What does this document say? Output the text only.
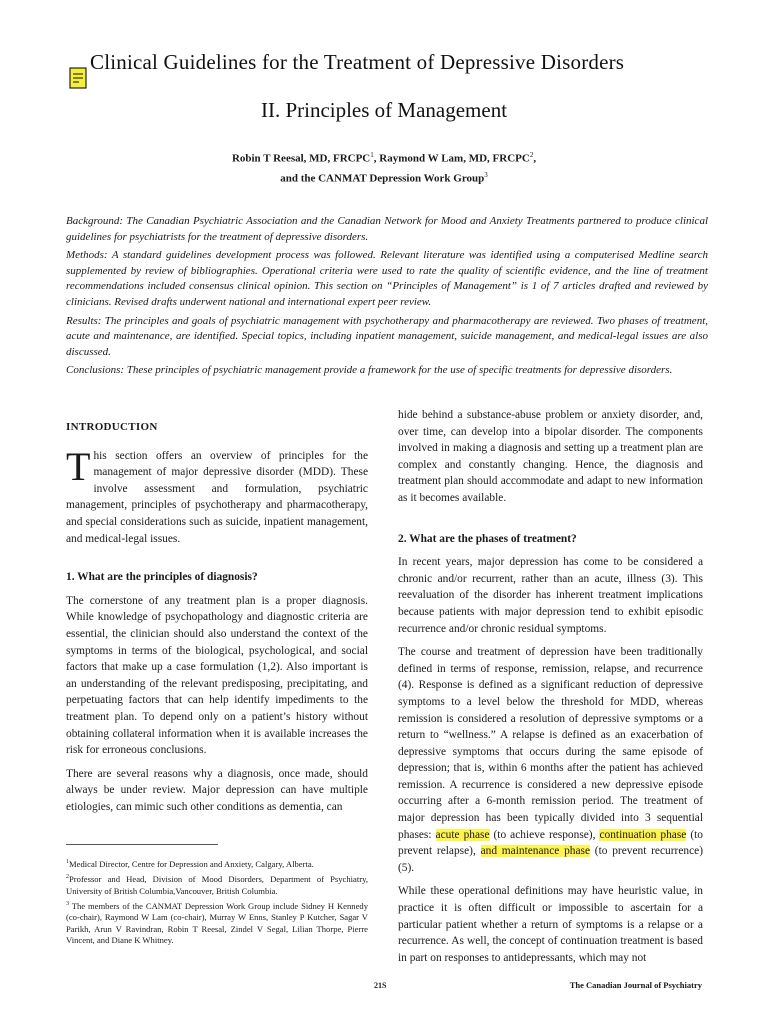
Clinical Guidelines for the Treatment of Depressive Disorders
II. Principles of Management
Robin T Reesal, MD, FRCPC$^1$, Raymond W Lam, MD, FRCPC$^2$,
and the CANMAT Depression Work Group$^3$

Background: The Canadian Psychiatric Association and the Canadian Network for Mood and Anxiety Treatments partnered to produce clinical guidelines for psychiatrists for the treatment of depressive disorders.

Methods: A standard guidelines development process was followed. Relevant literature was identified using a computerised Medline search supplemented by review of bibliographies. Operational criteria were used to rate the quality of scientific evidence, and the line of treatment recommendations included consensus clinical opinion. This section on “Principles of Management” is 1 of 7 articles drafted and reviewed by clinicians. Revised drafts underwent national and international expert peer review.

Results: The principles and goals of psychiatric management with psychotherapy and pharmacotherapy are reviewed. Two phases of treatment, acute and maintenance, are identified. Special topics, including inpatient management, suicide management, and medical-legal issues are also discussed.

Conclusions: These principles of psychiatric management provide a framework for the use of specific treatments for depressive disorders.

INTRODUCTION

This section offers an overview of principles for the management of major depressive disorder (MDD). These involve assessment and formulation, psychiatric management, principles of psychotherapy and pharmacotherapy, and special considerations such as suicide, inpatient management, and medical-legal issues.

1. What are the principles of diagnosis?

The cornerstone of any treatment plan is a proper diagnosis. While knowledge of psychopathology and diagnostic criteria are essential, the clinician should also understand the context of the symptoms in terms of the biological, psychological, and social factors that make up a case formulation (1,2). Also important is an understanding of the relevant predisposing, precipitating, and perpetuating factors that can help identify impediments to the treatment plan. To depend only on a patient’s history without obtaining collateral information when it is available increases the risk for erroneous conclusions.

There are several reasons why a diagnosis, once made, should always be under review. Major depression can have multiple etiologies, can mimic such other conditions as dementia, can

hide behind a substance-abuse problem or anxiety disorder, and, over time, can develop into a bipolar disorder. The components involved in making a diagnosis and setting up a treatment plan are complex and constantly changing. Hence, the diagnosis and treatment plan should accommodate and adapt to new information as it becomes available.

2. What are the phases of treatment?

In recent years, major depression has come to be considered a chronic and/or recurrent, rather than an acute, illness (3). This reevaluation of the disorder has inherent treatment implications because patients with major depression tend to exhibit episodic recurrence and/or chronic residual symptoms.

The course and treatment of depression have been traditionally defined in terms of response, remission, relapse, and recurrence (4). Response is defined as a significant reduction of depressive symptoms to a level below the threshold for MDD, whereas remission is considered a resolution of depressive symptoms or a return to “wellness.” A relapse is defined as an exacerbation of depressive symptoms that occurs during the same episode of depression; that is, within 6 months after the patient has achieved remission. A recurrence is considered a new depressive episode occurring after a 6-month remission period. The treatment of major depression has been typically divided into 3 sequential phases: acute phase (to achieve response), continuation phase (to prevent relapse), and maintenance phase (to prevent recurrence) (5).

While these operational definitions may have heuristic value, in practice it is often difficult or impossible to ascertain for a particular patient whether a return of symptoms is a relapse or a recurrence. As well, the concept of continuation treatment is based in part on responses to antidepressants, which may not

$^1$Medical Director, Centre for Depression and Anxiety, Calgary, Alberta.

$^2$Professor and Head, Division of Mood Disorders, Department of Psychiatry, University of British Columbia,Vancouver, British Columbia.

$^3$ The members of the CANMAT Depression Work Group include Sidney H Kennedy (co-chair), Raymond W Lam (co-chair), Murray W Enns, Stanley P Kutcher, Sagar V Parikh, Arun V Ravindran, Robin T Reesal, Zindel V Segal, Lilian Thorpe, Pierre Vincent, and Diane K Whitney.

21S	The Canadian Journal of Psychiatry
